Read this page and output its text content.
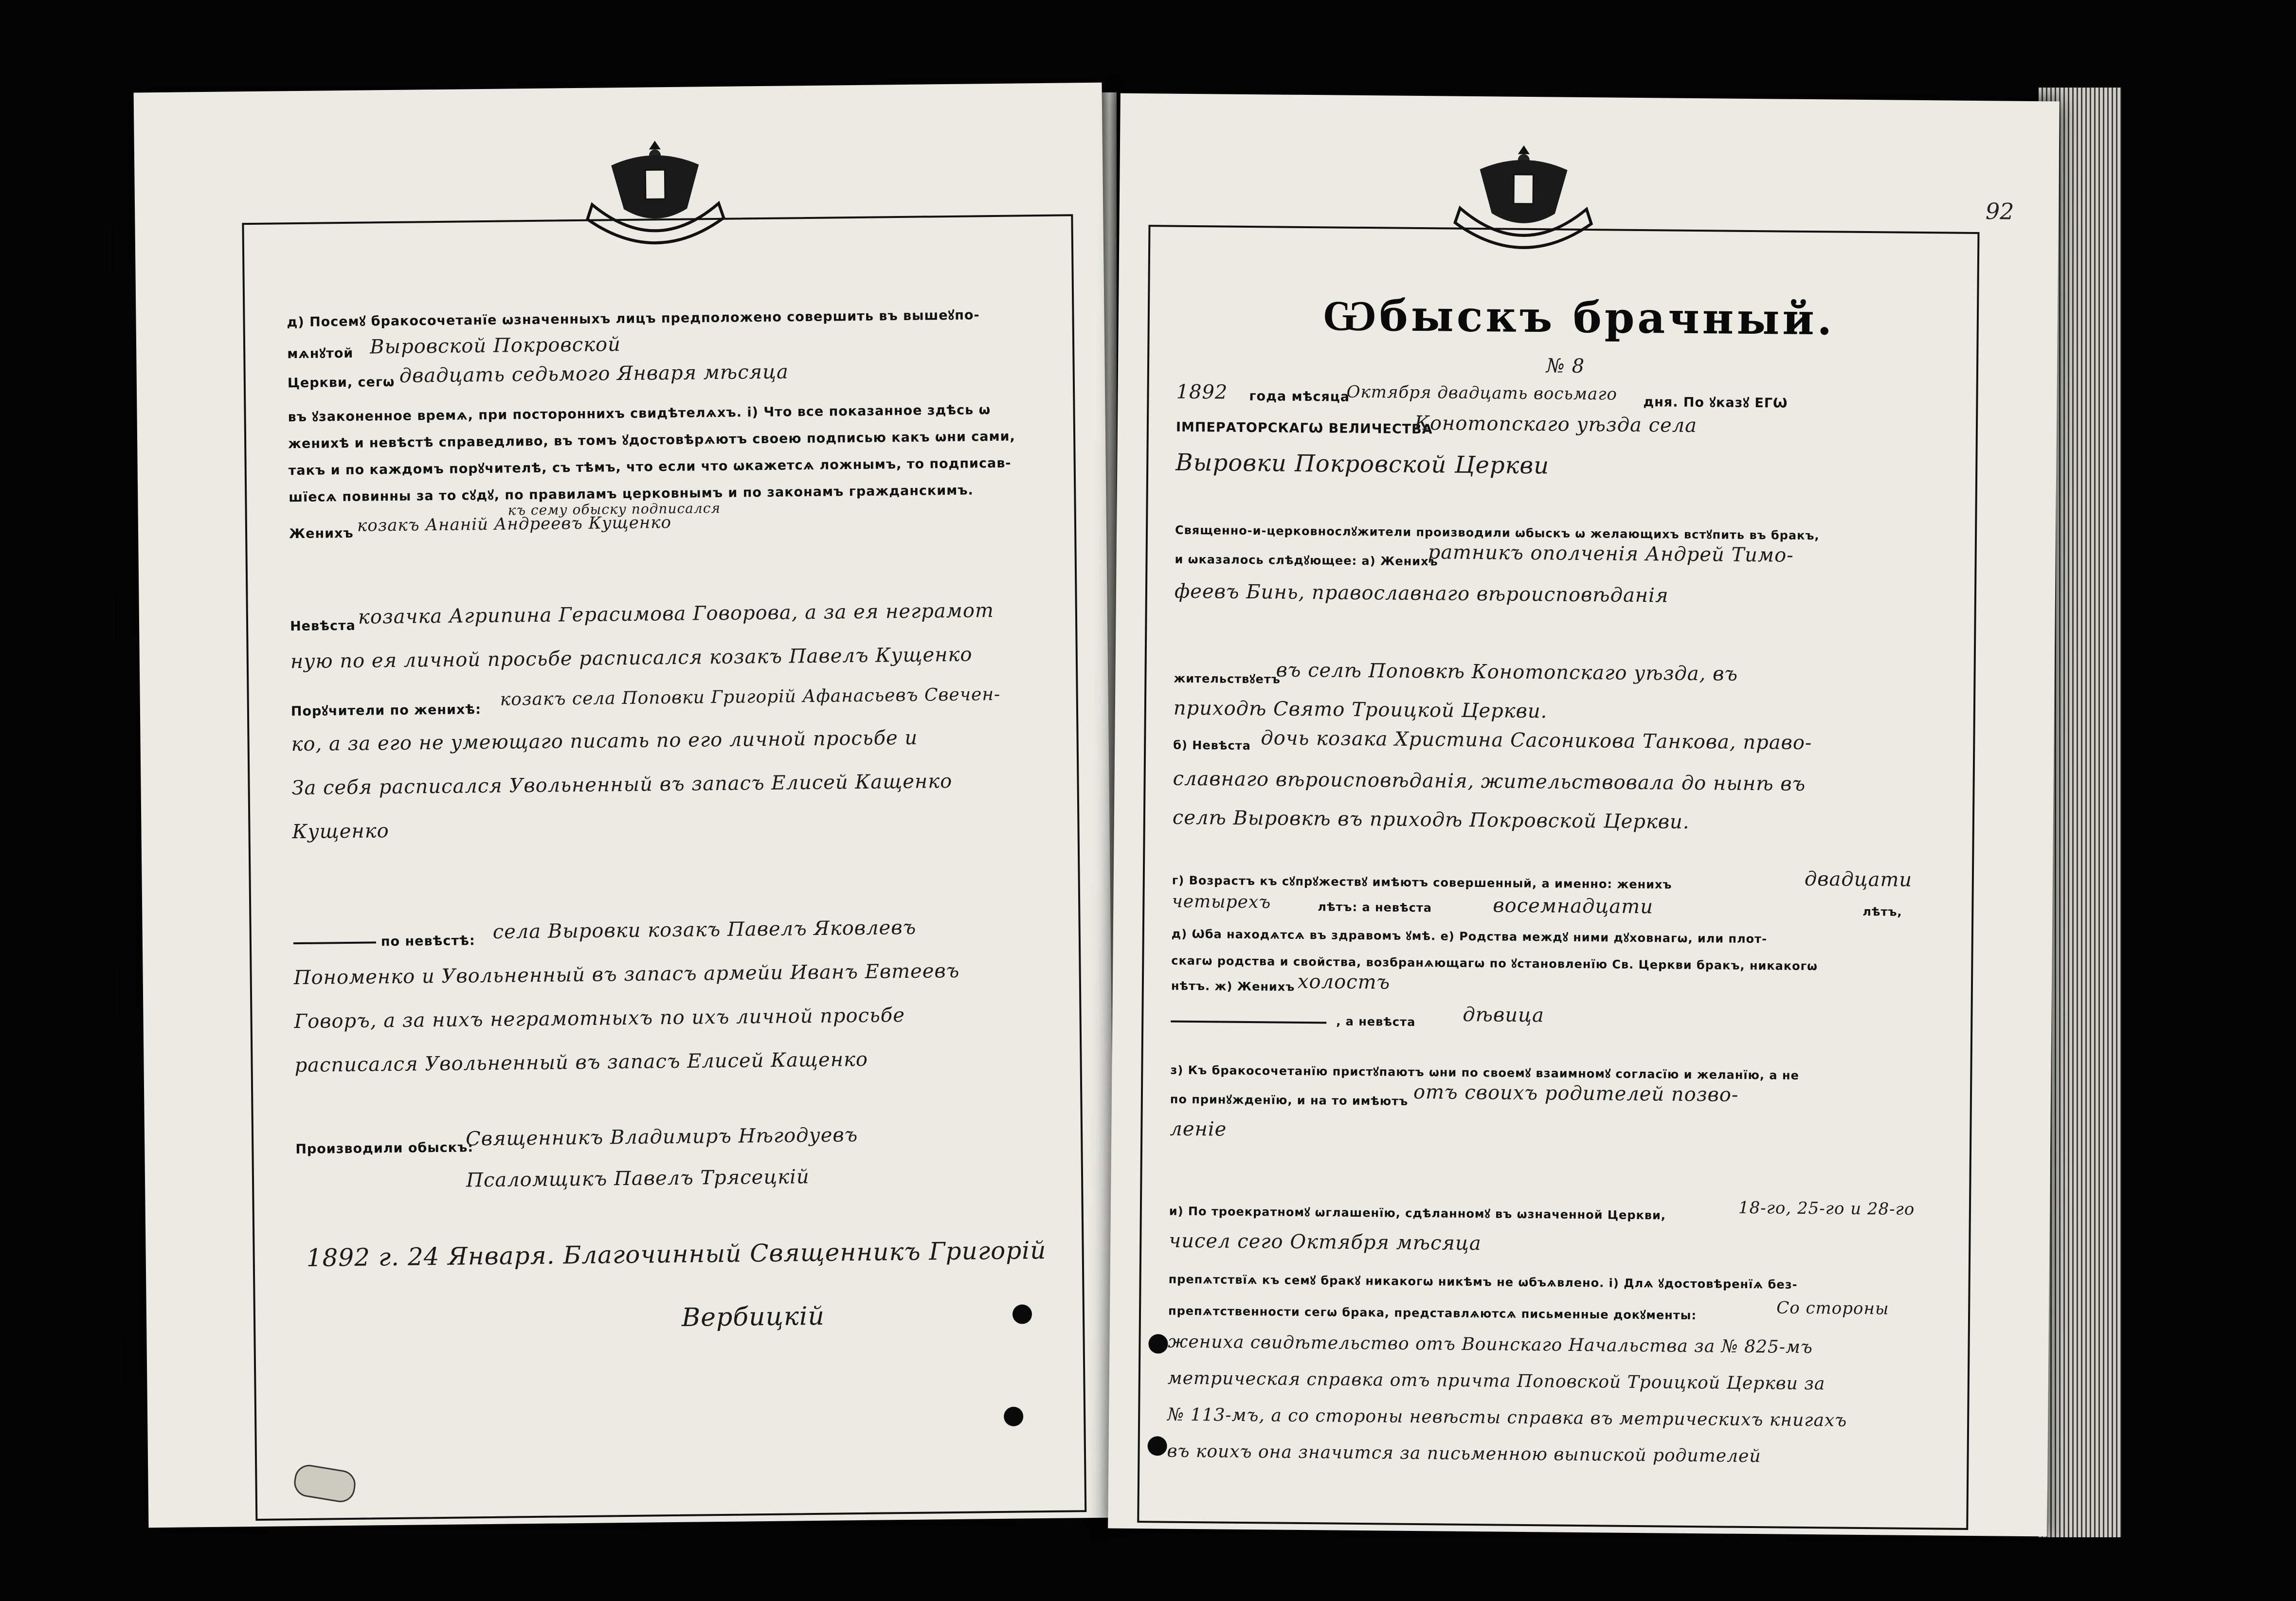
д) Посемꙋ бракосочетанїе ѡзначенныхъ лицъ предположено совершить въ вышеꙋпо-
мѧнꙋтой Выровской Покровской
Церкви, сегѡ двадцать седьмого Января мѣсяца
въ ꙋзаконенное времѧ, при постороннихъ свидѣтелѧхъ. і) Что все показанное здѣсь ѡ
женихѣ и невѣстѣ справедливо, въ томъ ꙋдостовѣрѧютъ своею подписью какъ ѡни сами,
такъ и по каждомъ порꙋчителѣ, съ тѣмъ, что если что ѡкажетсѧ ложнымъ, то подписав-
шїесѧ повинны за то сꙋдꙋ, по правиламъ церковнымъ и по законамъ гражданскимъ.
къ сему обыску подписался
Женихъ козакъ Ананій Андреевъ Кущенко
Невѣста козачка Агрипина Герасимова Говорова, а за ея неграмот
ную по ея личной просьбе расписался козакъ Павелъ Кущенко
Порꙋчители по женихѣ:
козакъ села Поповки Григорій Афанасьевъ Свечен-
ко, а за его не умеющаго писать по его личной просьбе и
За себя расписался Увольненный въ запасъ Елисей Кащенко
Кущенко
по невѣстѣ: села Выровки козакъ Павелъ Яковлевъ
Пономенко и Увольненный въ запасъ армейи Иванъ Евтеевъ
Говоръ, а за нихъ неграмотныхъ по ихъ личной просьбе
расписался Увольненный въ запасъ Елисей Кащенко
Производили обыскъ:
Священникъ Владимиръ Нѣгодуевъ
Псаломщикъ Павелъ Трясецкій
1892 г. 24 Января. Благочинный Священникъ Григорій
Вербицкій
92
Ѡбыскъ брачный.
№ 8
1892 года мѣсяца
Октября двадцать восьмаго дня. По ꙋказꙋ ЕГѠ
ІМПЕРАТОРСКАГѠ ВЕЛИЧЕСТВА
Конотопскаго уѣзда села
Выровки Покровской Церкви
Священно-и-церковнослꙋжители производили ѡбыскъ ѡ желающихъ встꙋпить въ бракъ,
и ѡказалось слѣдꙋющее: а) Женихъ
ратникъ ополченія Андрей Тимо-
феевъ Бинь, православнаго вѣроисповѣданія
жительствꙋетъ
въ селѣ Поповкѣ Конотопскаго уѣзда, въ
приходѣ Свято Троицкой Церкви.
б) Невѣста дочь козака Христина Сасоникова Танкова, право-
славнаго вѣроисповѣданія, жительствовала до нынѣ въ
селѣ Выровкѣ въ приходѣ Покровской Церкви.
г) Возрастъ къ сꙋпрꙋжествꙋ имѣютъ совершенный, а именно: женихъ	двадцати
четырехъ	лѣтъ: а невѣста	восемнадцати	лѣтъ,
д) Ѡба находѧтсѧ въ здравомъ ꙋмѣ. е) Родства междꙋ ними дꙋховнагѡ, или плот-
скагѡ родства и свойства, возбранѧющагѡ по ꙋстановленїю Св. Церкви бракъ, никакогѡ
нѣтъ. ж) Женихъ холостъ
, а невѣста дѣвица
з) Къ бракосочетанїю пристꙋпаютъ ѡни по своемꙋ взаимномꙋ согласїю и желанїю, а не
по принꙋжденїю, и на то имѣютъ отъ своихъ родителей позво-
леніе
и) По троекратномꙋ ѡглашенїю, сдѣланномꙋ въ ѡзначенной Церкви,	18-го, 25-го и 28-го
чисел сего Октября мѣсяца
препѧтствїѧ къ семꙋ бракꙋ никакогѡ никѣмъ не ѡбъѧвлено. і) Длѧ ꙋдостовѣренїѧ без-
препѧтственности сегѡ брака, представлѧютсѧ письменные докꙋменты:	Со стороны
жениха свидѣтельство отъ Воинскаго Начальства за № 825-мъ
метрическая справка отъ причта Поповской Троицкой Церкви за
№ 113-мъ, а со стороны невѣсты справка въ метрическихъ книгахъ
въ коихъ она значится за письменною выпиской родителей
